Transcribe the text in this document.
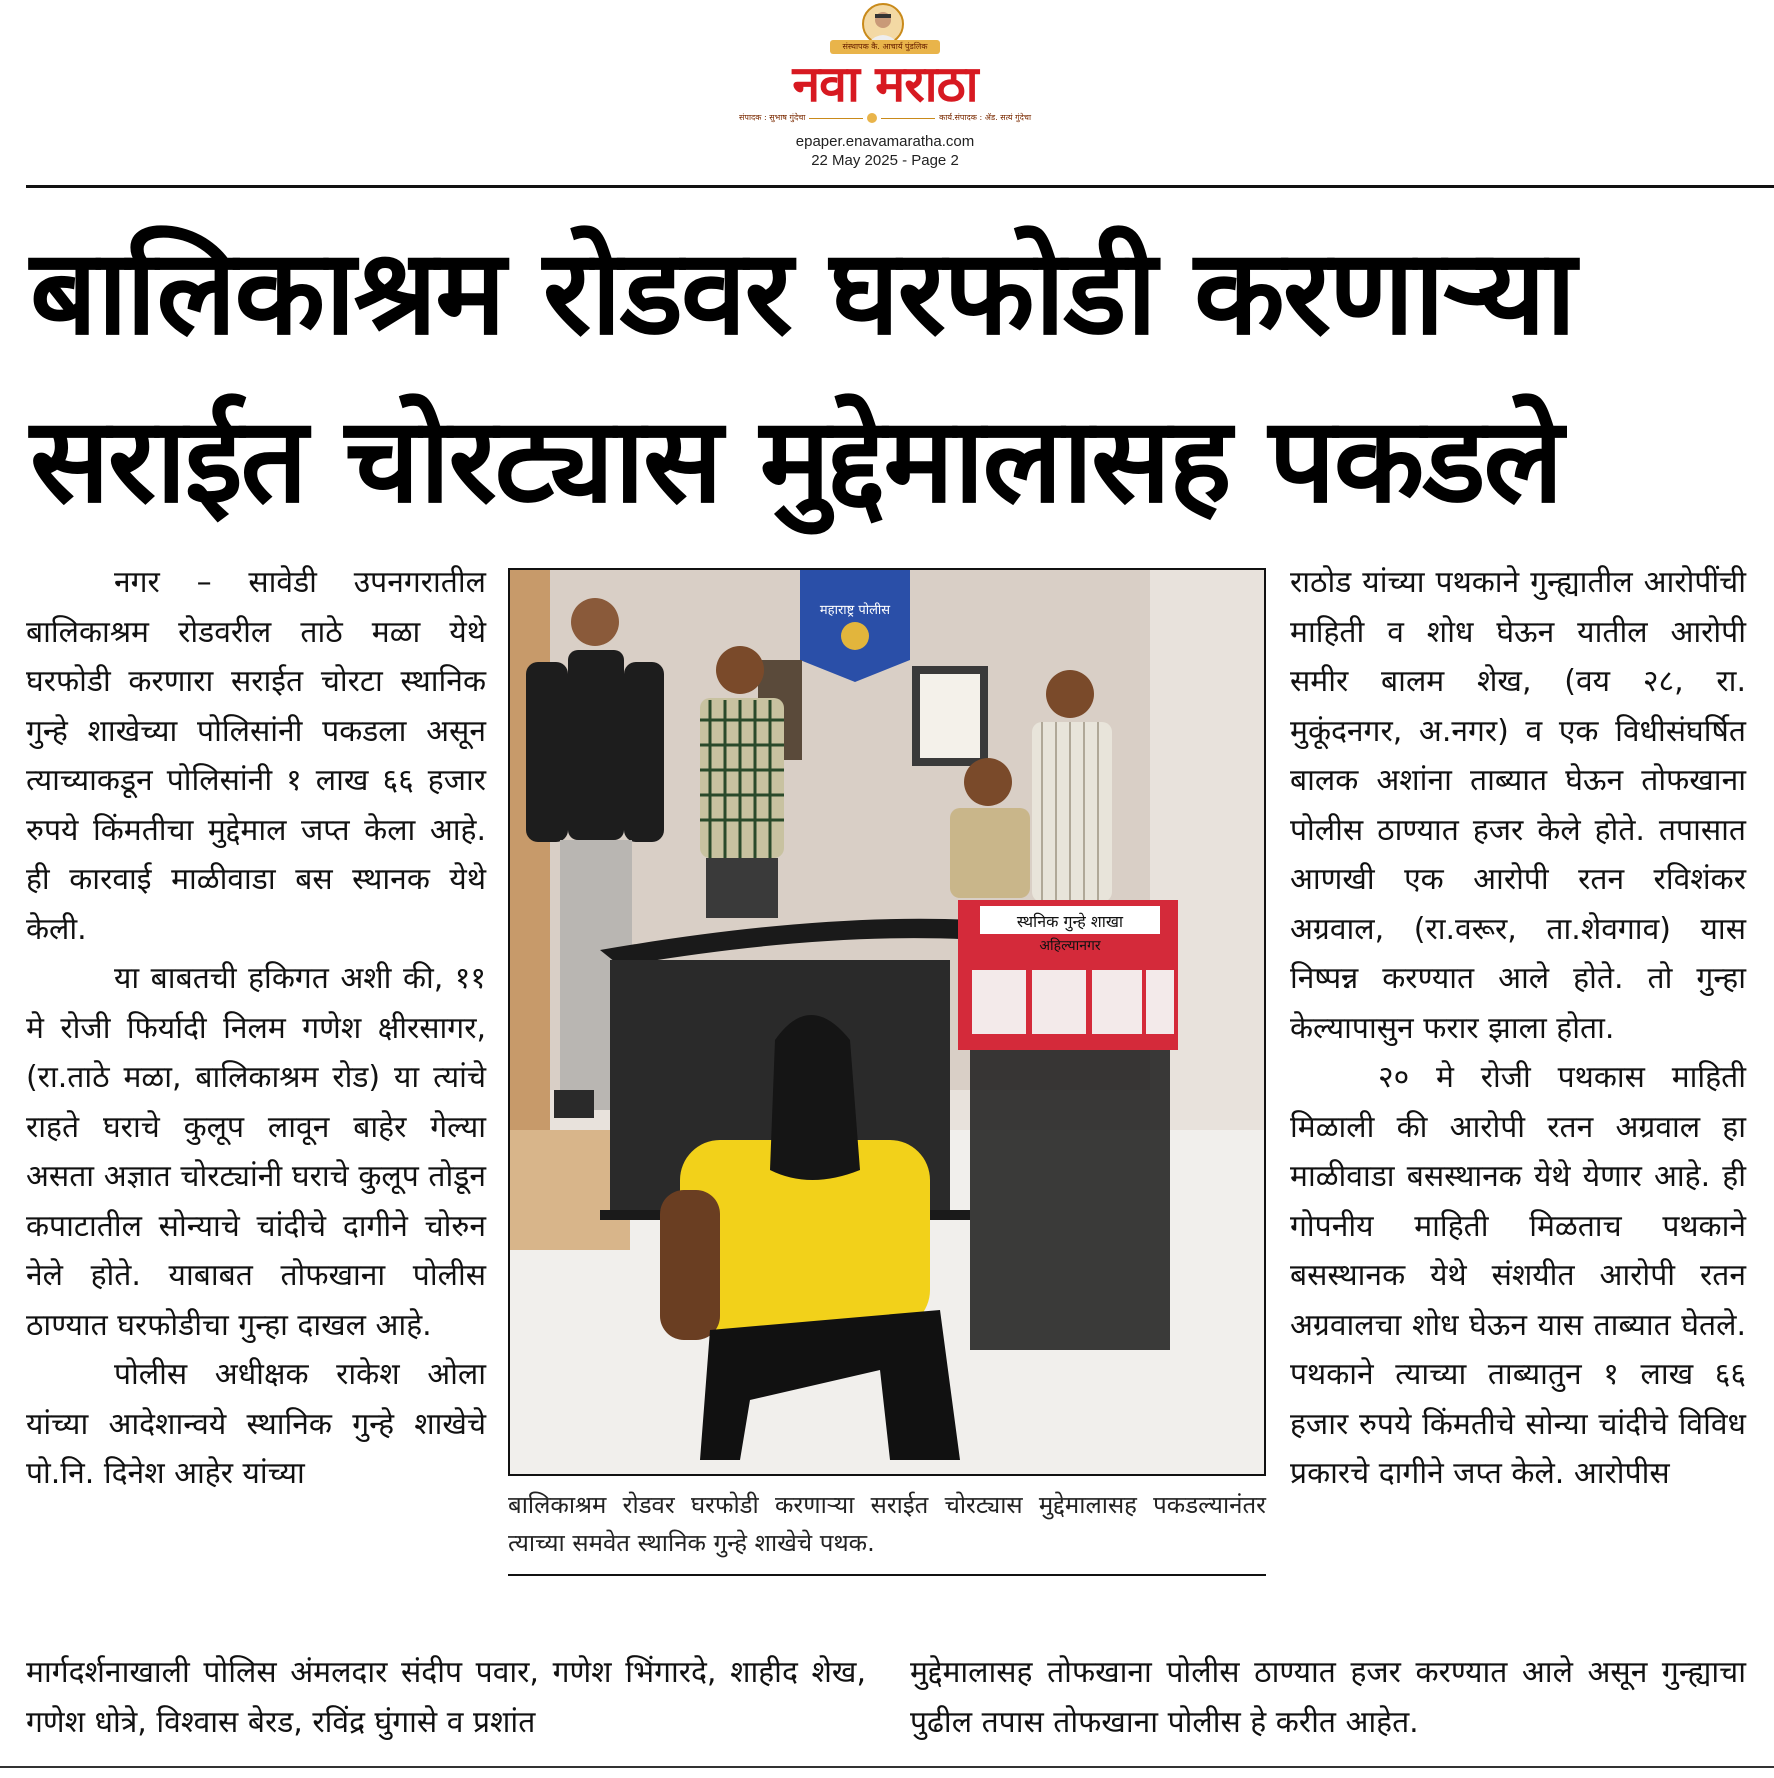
संस्थापक कै. आचार्य पुंडलिक
नवा मराठा
संपादक : सुभाष गुंदेचा	कार्य.संपादक : ॲड. सत्यं गुंदेचा
epaper.enavamaratha.com
22 May 2025 - Page 2
बालिकाश्रम रोडवर घरफोडी करणाऱ्या
सराईत चोरट्यास मुद्देमालासह पकडले

नगर – सावेडी उपनगरातील बालिकाश्रम रोडवरील ताठे मळा येथे घरफोडी करणारा सराईत चोरटा स्थानिक गुन्हे शाखेच्या पोलिसांनी पकडला असून त्याच्याकडून पोलिसांनी १ लाख ६६ हजार रुपये किंमतीचा मुद्देमाल जप्त केला आहे. ही कारवाई माळीवाडा बस स्थानक येथे केली.

या बाबतची हकिगत अशी की, ११ मे रोजी फिर्यादी निलम गणेश क्षीरसागर, (रा.ताठे मळा, बालिकाश्रम रोड) या त्यांचे राहते घराचे कुलूप लावून बाहेर गेल्या असता अज्ञात चोरट्यांनी घराचे कुलूप तोडून कपाटातील सोन्याचे चांदीचे दागीने चोरुन नेले होते. याबाबत तोफखाना पोलीस ठाण्यात घरफोडीचा गुन्हा दाखल आहे.

पोलीस अधीक्षक राकेश ओला यांच्या आदेशान्वये स्थानिक गुन्हे शाखेचे पो.नि. दिनेश आहेर यांच्या

महाराष्ट्र पोलीस
स्थनिक गुन्हे शाखा
अहिल्यानगर
बालिकाश्रम रोडवर घरफोडी करणाऱ्या सराईत चोरट्यास मुद्देमालासह पकडल्यानंतर त्याच्या समवेत स्थानिक गुन्हे शाखेचे पथक.

राठोड यांच्या पथकाने गुन्ह्यातील आरोपींची माहिती व शोध घेऊन यातील आरोपी समीर बालम शेख, (वय २८, रा. मुकूंदनगर, अ.नगर) व एक विधीसंघर्षित बालक अशांना ताब्यात घेऊन तोफखाना पोलीस ठाण्यात हजर केले होते. तपासात आणखी एक आरोपी रतन रविशंकर अग्रवाल, (रा.वरूर, ता.शेवगाव) यास निष्पन्न करण्यात आले होते. तो गुन्हा केल्यापासुन फरार झाला होता.

२० मे रोजी पथकास माहिती मिळाली की आरोपी रतन अग्रवाल हा माळीवाडा बसस्थानक येथे येणार आहे. ही गोपनीय माहिती मिळताच पथकाने बसस्थानक येथे संशयीत आरोपी रतन अग्रवालचा शोध घेऊन यास ताब्यात घेतले. पथकाने त्याच्या ताब्यातुन १ लाख ६६ हजार रुपये किंमतीचे सोन्या चांदीचे विविध प्रकारचे दागीने जप्त केले. आरोपीस

मार्गदर्शनाखाली पोलिस अंमलदार संदीप पवार, गणेश भिंगारदे, शाहीद शेख, गणेश धोत्रे, विश्वास बेरड, रविंद्र घुंगासे व प्रशांत
मुद्देमालासह तोफखाना पोलीस ठाण्यात हजर करण्यात आले असून गुन्ह्याचा पुढील तपास तोफखाना पोलीस हे करीत आहेत.
